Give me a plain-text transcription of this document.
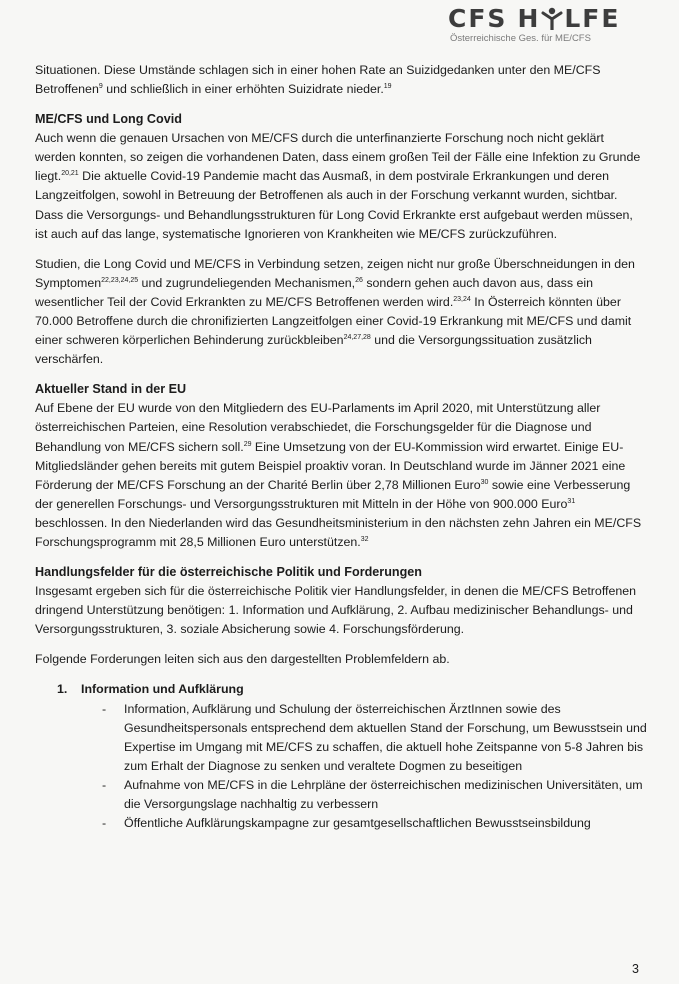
CFS H LFE
Österreichische Ges. für ME/CFS

Situationen. Diese Umstände schlagen sich in einer hohen Rate an Suizidgedanken unter den ME/CFS Betroffenen$^9$ und schließlich in einer erhöhten Suizidrate nieder.$^{19}$

ME/CFS und Long Covid

Auch wenn die genauen Ursachen von ME/CFS durch die unterfinanzierte Forschung noch nicht geklärt werden konnten, so zeigen die vorhandenen Daten, dass einem großen Teil der Fälle eine Infektion zu Grunde liegt.$^{20,21}$ Die aktuelle Covid-19 Pandemie macht das Ausmaß, in dem postvirale Erkrankungen und deren Langzeitfolgen, sowohl in Betreuung der Betroffenen als auch in der Forschung verkannt wurden, sichtbar. Dass die Versorgungs- und Behandlungsstrukturen für Long Covid Erkrankte erst aufgebaut werden müssen, ist auch auf das lange, systematische Ignorieren von Krankheiten wie ME/CFS zurückzuführen.

Studien, die Long Covid und ME/CFS in Verbindung setzen, zeigen nicht nur große Überschneidungen in den Symptomen$^{22,23,24,25}$ und zugrundeliegenden Mechanismen,$^{26}$ sondern gehen auch davon aus, dass ein wesentlicher Teil der Covid Erkrankten zu ME/CFS Betroffenen werden wird.$^{23,24}$ In Österreich könnten über 70.000 Betroffene durch die chronifizierten Langzeitfolgen einer Covid-19 Erkrankung mit ME/CFS und damit einer schweren körperlichen Behinderung zurückbleiben$^{24,27,28}$ und die Versorgungssituation zusätzlich verschärfen.

Aktueller Stand in der EU

Auf Ebene der EU wurde von den Mitgliedern des EU-Parlaments im April 2020, mit Unterstützung aller österreichischen Parteien, eine Resolution verabschiedet, die Forschungsgelder für die Diagnose und Behandlung von ME/CFS sichern soll.$^{29}$ Eine Umsetzung von der EU-Kommission wird erwartet. Einige EU-Mitgliedsländer gehen bereits mit gutem Beispiel proaktiv voran. In Deutschland wurde im Jänner 2021 eine Förderung der ME/CFS Forschung an der Charité Berlin über 2,78 Millionen Euro$^{30}$ sowie eine Verbesserung der generellen Forschungs- und Versorgungsstrukturen mit Mitteln in der Höhe von 900.000 Euro$^{31}$ beschlossen. In den Niederlanden wird das Gesundheitsministerium in den nächsten zehn Jahren ein ME/CFS Forschungsprogramm mit 28,5 Millionen Euro unterstützen.$^{32}$

Handlungsfelder für die österreichische Politik und Forderungen

Insgesamt ergeben sich für die österreichische Politik vier Handlungsfelder, in denen die ME/CFS Betroffenen dringend Unterstützung benötigen: 1. Information und Aufklärung, 2. Aufbau medizinischer Behandlungs- und Versorgungsstrukturen, 3. soziale Absicherung sowie 4. Forschungsförderung.

Folgende Forderungen leiten sich aus den dargestellten Problemfeldern ab.

1. Information und Aufklärung
- Information, Aufklärung und Schulung der österreichischen ÄrztInnen sowie des Gesundheitspersonals entsprechend dem aktuellen Stand der Forschung, um Bewusstsein und Expertise im Umgang mit ME/CFS zu schaffen, die aktuell hohe Zeitspanne von 5-8 Jahren bis zum Erhalt der Diagnose zu senken und veraltete Dogmen zu beseitigen
- Aufnahme von ME/CFS in die Lehrpläne der österreichischen medizinischen Universitäten, um die Versorgungslage nachhaltig zu verbessern
- Öffentliche Aufklärungskampagne zur gesamtgesellschaftlichen Bewusstseinsbildung
3
